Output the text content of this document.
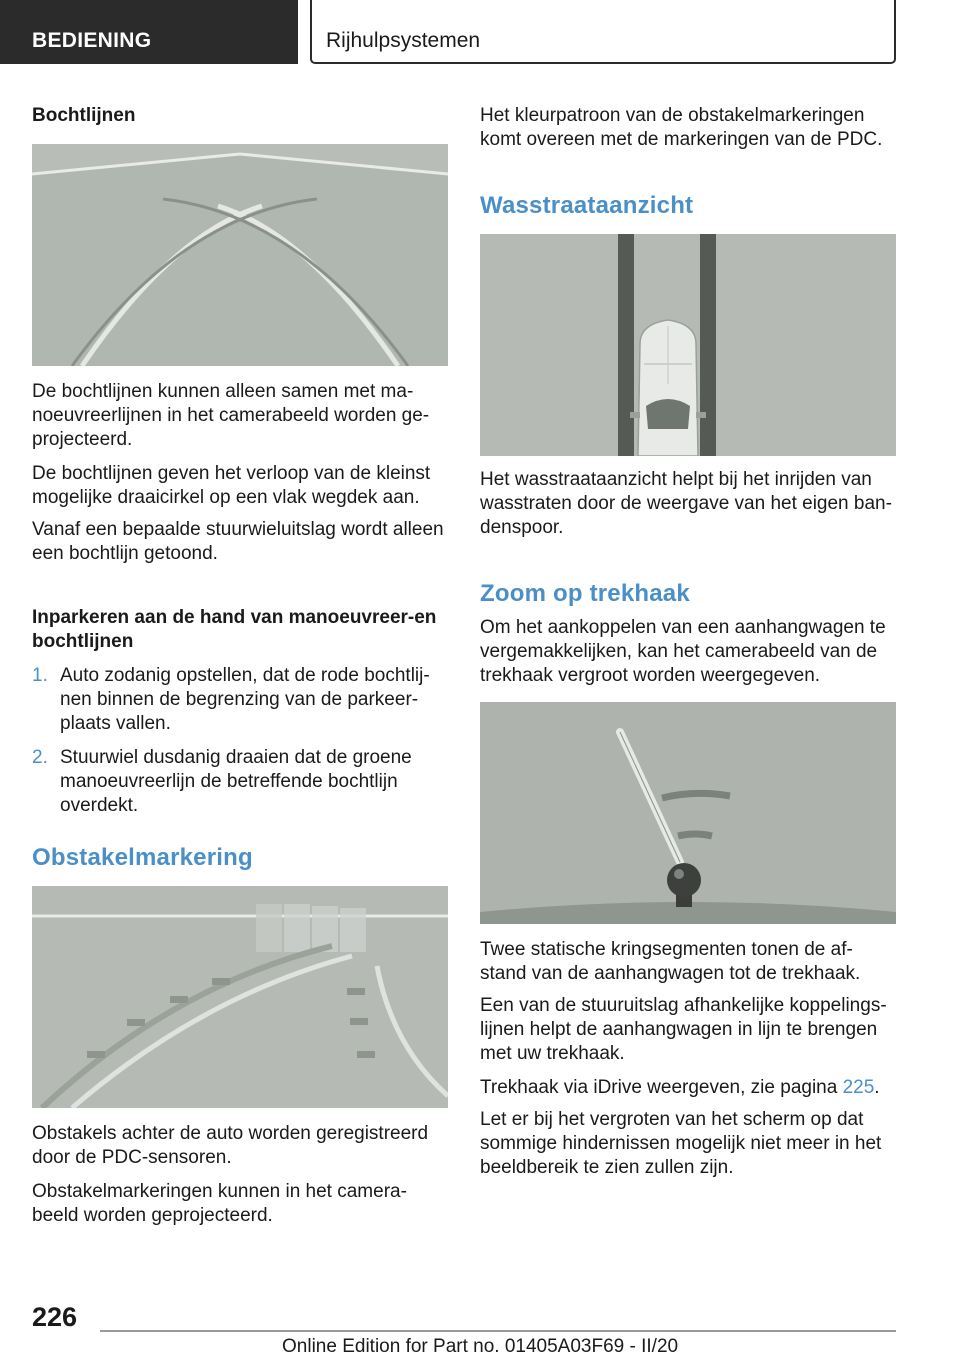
BEDIENING	Rijhulpsystemen
Bochtlijnen
De bochtlijnen kunnen alleen samen met ma-noeuvreerlijnen in het camerabeeld worden ge-projecteerd.
De bochtlijnen geven het verloop van de kleinst mogelijke draaicirkel op een vlak wegdek aan.
Vanaf een bepaalde stuurwieluitslag wordt alleen een bochtlijn getoond.
Inparkeren aan de hand van manoeuvreer-en bochtlijnen
1. Auto zodanig opstellen, dat de rode bochtlij-nen binnen de begrenzing van de parkeer-plaats vallen.
2. Stuurwiel dusdanig draaien dat de groene manoeuvreerlijn de betreffende bochtlijn overdekt.
Obstakelmarkering
Obstakels achter de auto worden geregistreerd door de PDC-sensoren.
Obstakelmarkeringen kunnen in het camera-beeld worden geprojecteerd.
Het kleurpatroon van de obstakelmarkeringen komt overeen met de markeringen van de PDC.
Wasstraataanzicht
Het wasstraataanzicht helpt bij het inrijden van wasstraten door de weergave van het eigen ban-denspoor.
Zoom op trekhaak
Om het aankoppelen van een aanhangwagen te vergemakkelijken, kan het camerabeeld van de trekhaak vergroot worden weergegeven.
Twee statische kringsegmenten tonen de af-stand van de aanhangwagen tot de trekhaak.
Een van de stuuruitslag afhankelijke koppelings-lijnen helpt de aanhangwagen in lijn te brengen met uw trekhaak.
Trekhaak via iDrive weergeven, zie pagina 225.
Let er bij het vergroten van het scherm op dat sommige hindernissen mogelijk niet meer in het beeldbereik te zien zullen zijn.
226
Online Edition for Part no. 01405A03F69 - II/20
